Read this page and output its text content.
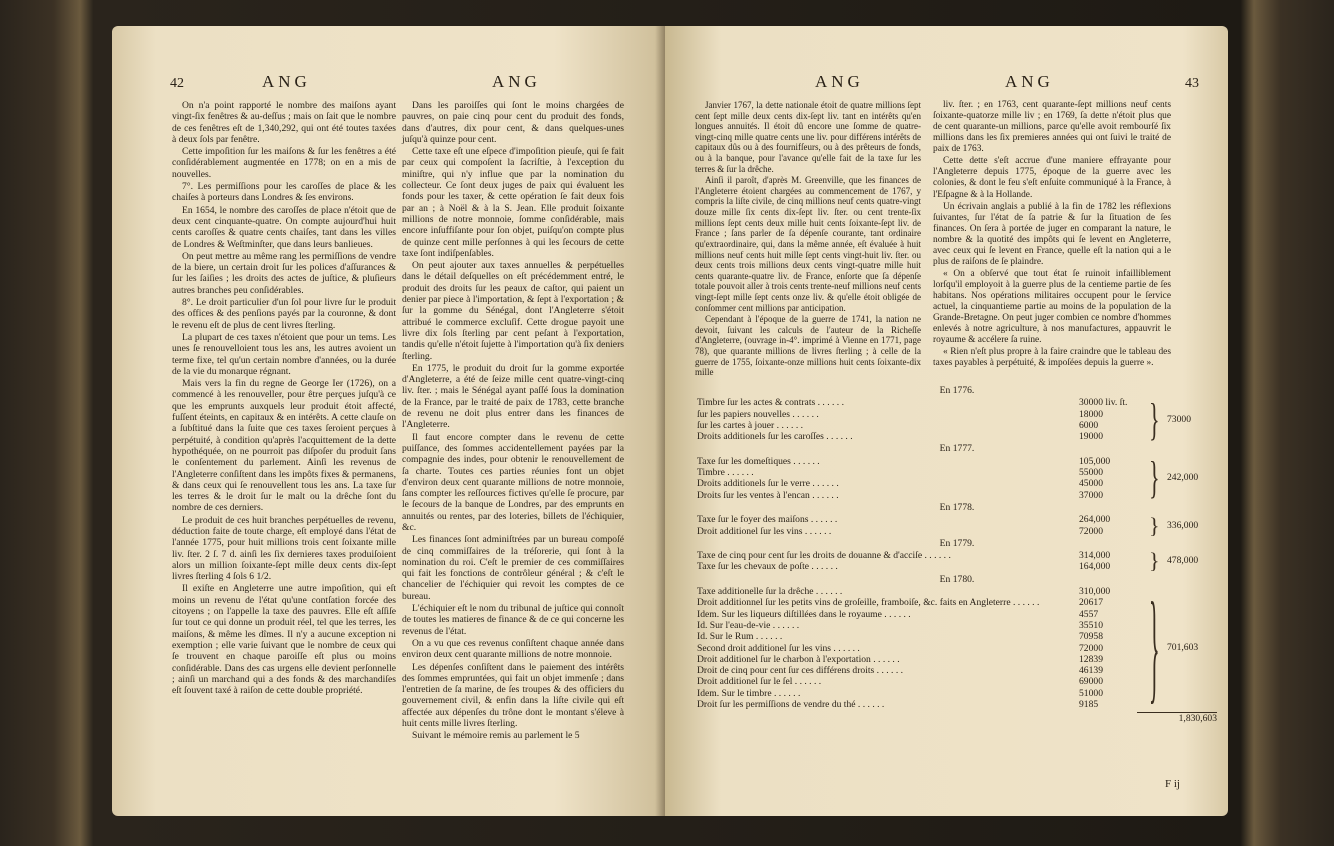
42	ANG	ANG

On n'a point rapporté le nombre des maiſons ayant vingt-ſix fenêtres & au-deſſus ; mais on ſait que le nombre de ces fenêtres eſt de 1,340,292, qui ont été toutes taxées à deux ſols par fenêtre.

Cette impoſition ſur les maiſons & ſur les fenêtres a été conſidérablement augmentée en 1778; on en a mis de nouvelles.

7°. Les permiſſions pour les caroſſes de place & les chaiſes à porteurs dans Londres & ſes environs.

En 1654, le nombre des caroſſes de place n'étoit que de deux cent cinquante-quatre. On compte aujourd'hui huit cents caroſſes & quatre cents chaiſes, tant dans les villes de Londres & Weſtminſter, que dans leurs banlieues.

On peut mettre au même rang les permiſſions de vendre de la biere, un certain droit ſur les polices d'aſſurances & ſur les ſaiſies ; les droits des actes de juſtice, & pluſieurs autres branches peu conſidérables.

8°. Le droit particulier d'un ſol pour livre ſur le produit des offices & des penſions payés par la couronne, & dont le revenu eſt de plus de cent livres ſterling.

La plupart de ces taxes n'étoient que pour un tems. Les unes ſe renouvelloient tous les ans, les autres avoient un terme fixe, tel qu'un certain nombre d'années, ou la durée de la vie du monarque régnant.

Mais vers la fin du regne de George Ier (1726), on a commencé à les renouveller, pour être perçues juſqu'à ce que les emprunts auxquels leur produit étoit affecté, fuſſent éteints, en capitaux & en intérêts. A cette clauſe on a ſubſtitué dans la ſuite que ces taxes ſeroient perçues à perpétuité, à condition qu'après l'acquittement de la dette hypothéquée, on ne pourroit pas diſpoſer du produit ſans le conſentement du parlement. Ainſi les revenus de l'Angleterre conſiſtent dans les impôts fixes & permanens, & dans ceux qui ſe renouvellent tous les ans. La taxe ſur les terres & le droit ſur le malt ou la drêche ſont du nombre de ces derniers.

Le produit de ces huit branches perpétuelles de revenu, déduction faite de toute charge, eſt employé dans l'état de l'année 1775, pour huit millions trois cent ſoixante mille liv. ſter. 2 ſ. 7 d. ainſi les ſix dernieres taxes produiſoient alors un million ſoixante-ſept mille deux cents dix-ſept livres ſterling 4 ſols 6 1/2.

Il exiſte en Angleterre une autre impoſition, qui eſt moins un revenu de l'état qu'une contſation forcée des citoyens ; on l'appelle la taxe des pauvres. Elle eſt aſſiſe ſur tout ce qui donne un produit réel, tel que les terres, les maiſons, & même les dîmes. Il n'y a aucune exception ni exemption ; elle varie ſuivant que le nombre de ceux qui ſe trouvent en chaque paroiſſe eſt plus ou moins conſidérable. Dans des cas urgens elle devient perſonnelle ; ainſi un marchand qui a des fonds & des marchandiſes eſt ſouvent taxé à raiſon de cette double propriété.

Dans les paroiſſes qui ſont le moins chargées de pauvres, on paie cinq pour cent du produit des fonds, dans d'autres, dix pour cent, & dans quelques-unes juſqu'à quinze pour cent.

Cette taxe eſt une eſpece d'impoſition pieuſe, qui ſe fait par ceux qui compoſent la ſacriſtie, à l'exception du miniſtre, qui n'y influe que par la nomination du collecteur. Ce ſont deux juges de paix qui évaluent les fonds pour les taxer, & cette opération ſe fait deux fois par an ; à Noël & à la S. Jean. Elle produit ſoixante millions de notre monnoie, ſomme conſidérable, mais encore inſuffiſante pour ſon objet, puiſqu'on compte plus de quinze cent mille perſonnes à qui les ſecours de cette taxe ſont indiſpenſables.

On peut ajouter aux taxes annuelles & perpétuelles dans le détail deſquelles on eſt précédemment entré, le produit des droits ſur les peaux de caſtor, qui paient un denier par piece à l'importation, & ſept à l'exportation ; & ſur la gomme du Sénégal, dont l'Angleterre s'étoit attribué le commerce excluſif. Cette drogue payoit une livre dix ſols ſterling par cent peſant à l'exportation, tandis qu'elle n'étoit ſujette à l'importation qu'à ſix deniers ſterling.

En 1775, le produit du droit ſur la gomme exportée d'Angleterre, a été de ſeize mille cent quatre-vingt-cinq liv. ſter. ; mais le Sénégal ayant paſſé ſous la domination de la France, par le traité de paix de 1783, cette branche de revenu ne doit plus entrer dans les finances de l'Angleterre.

Il faut encore compter dans le revenu de cette puiſſance, des ſommes accidentellement payées par la compagnie des indes, pour obtenir le renouvellement de ſa charte. Toutes ces parties réunies font un objet d'environ deux cent quarante millions de notre monnoie, ſans compter les reſſources fictives qu'elle ſe procure, par le ſecours de la banque de Londres, par des emprunts en annuités ou rentes, par des loteries, billets de l'échiquier, &c.

Les finances ſont adminiſtrées par un bureau compoſé de cinq commiſſaires de la tréſorerie, qui ſont à la nomination du roi. C'eſt le premier de ces commiſſaires qui fait les fonctions de contrôleur général ; & c'eſt le chancelier de l'échiquier qui revoit les comptes de ce bureau.

L'échiquier eſt le nom du tribunal de juſtice qui connoît de toutes les matieres de finance & de ce qui concerne les revenus de l'état.

On a vu que ces revenus conſiſtent chaque année dans environ deux cent quarante millions de notre monnoie.

Les dépenſes conſiſtent dans le paiement des intérêts des ſommes empruntées, qui fait un objet immenſe ; dans l'entretien de ſa marine, de ſes troupes & des officiers du gouvernement civil, & enfin dans la liſte civile qui eſt affectée aux dépenſes du trône dont le montant s'éleve à huit cents mille livres ſterling.

Suivant le mémoire remis au parlement le 5

ANG	ANG	43

Janvier 1767, la dette nationale étoit de quatre millions ſept cent ſept mille deux cents dix-ſept liv. tant en intérêts qu'en longues annuités. Il étoit dû encore une ſomme de quatre-vingt-cinq mille quatre cents une liv. pour différens intérêts de capitaux dûs ou à des fournifſeurs, ou à des prêteurs de fonds, ou à la banque, pour l'avance qu'elle fait de la taxe ſur les terres & ſur la drêche.

Ainſi il paroît, d'après M. Greenville, que les finances de l'Angleterre étoient chargées au commencement de 1767, y compris la liſte civile, de cinq millions neuf cents quatre-vingt douze mille ſix cents dix-ſept liv. ſter. ou cent trente-ſix millions ſept cents deux mille huit cents ſoixante-ſept liv. de France ; ſans parler de ſa dépenſe courante, tant ordinaire qu'extraordinaire, qui, dans la même année, eſt évaluée à huit millions neuf cents huit mille ſept cents vingt-huit liv. ſter. ou deux cents trois millions deux cents vingt-quatre mille huit cents quarante-quatre liv. de France, enſorte que ſa dépenſe totale pouvoit aller à trois cents trente-neuf millions neuf cents vingt-ſept mille ſept cents onze liv. & qu'elle étoit obligée de conſommer cent millions par anticipation.

Cependant à l'époque de la guerre de 1741, la nation ne devoit, ſuivant les calculs de l'auteur de la Richeſſe d'Angleterre, (ouvrage in-4°. imprimé à Vienne en 1771, page 78), que quarante millions de livres ſterling ; à celle de la guerre de 1755, ſoixante-onze millions huit cents ſoixante-dix mille

liv. ſter. ; en 1763, cent quarante-ſept millions neuf cents ſoixante-quatorze mille liv ; en 1769, ſa dette n'étoit plus que de cent quarante-un millions, parce qu'elle avoit rembourſé ſix millions dans les ſix premieres années qui ont ſuivi le traité de paix de 1763.

Cette dette s'eſt accrue d'une maniere effrayante pour l'Angleterre depuis 1775, époque de la guerre avec les colonies, & dont le feu s'eſt enſuite communiqué à la France, à l'Eſpagne & à la Hollande.

Un écrivain anglais a publié à la fin de 1782 les réflexions ſuivantes, ſur l'état de ſa patrie & ſur la ſituation de ſes finances. On ſera à portée de juger en comparant la nature, le nombre & la quotité des impôts qui ſe levent en Angleterre, avec ceux qui ſe levent en France, quelle eſt la nation qui a le plus de raiſons de ſe plaindre.

« On a obſervé que tout état ſe ruinoit infailliblement lorſqu'il employoit à la guerre plus de la centieme partie de ſes habitans. Nos opérations militaires occupent pour le ſervice actuel, la cinquantieme partie au moins de la population de la Grande-Bretagne. On peut juger combien ce nombre d'hommes enlevés à notre agriculture, à nos manufactures, appauvrit le royaume & accélere ſa ruine.

« Rien n'eſt plus propre à la faire craindre que le tableau des taxes payables à perpétuité, & impoſées depuis la guerre ».

En 1776.
Timbre ſur les actes & contrats . . . . . .	30000 liv. ſt.
ſur les papiers nouvelles . . . . . .	18000
ſur les cartes à jouer . . . . . .	6000
Droits additionels ſur les caroſſes . . . . . .	19000 } 73000
En 1777.
Taxe ſur les domeſtiques . . . . . .	105,000
Timbre . . . . . .	55000
Droits additionels ſur le verre . . . . . .	45000
Droits ſur les ventes à l'encan . . . . . .	37000 } 242,000
En 1778.
Taxe ſur le foyer des maiſons . . . . . .	264,000
Droit additionel ſur les vins . . . . . .	72000 } 336,000
En 1779.
Taxe de cinq pour cent ſur les droits de douanne & d'acciſe . . . . . .	314,000
Taxe ſur les chevaux de poſte . . . . . .	164,000 } 478,000
En 1780.
Taxe additionelle ſur la drêche . . . . . .	310,000
Droit additionnel ſur les petits vins de groſeille, framboiſe, &c. faits en Angleterre . . . . . .	20617
Idem. Sur les liqueurs diſtillées dans le royaume . . . . . .	4557
Id. Sur l'eau-de-vie . . . . . .	35510
Id. Sur le Rum . . . . . .	70958
Second droit additionel ſur les vins . . . . . .	72000
Droit additionel ſur le charbon à l'exportation . . . . . .	12839
Droit de cinq pour cent ſur ces différens droits . . . . . .	46139
Droit additionel ſur le ſel . . . . . .	69000
Idem. Sur le timbre . . . . . .	51000
Droit ſur les permiſſions de vendre du thé . . . . . .	9185 } 701,603
1,830,603
F ij
